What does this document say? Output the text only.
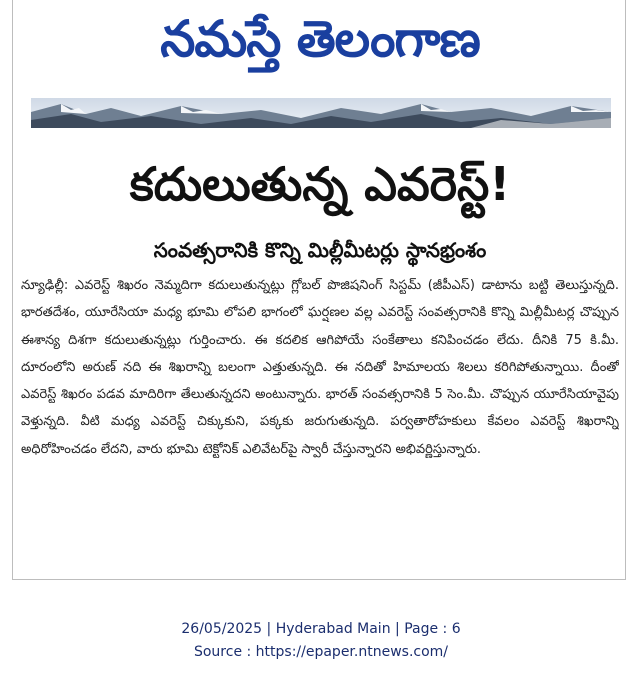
నమస్తే తెలంగాణ
కదులుతున్న ఎవరెస్ట్!
సంవత్సరానికి కొన్ని మిల్లీమీటర్లు స్థానభ్రంశం

న్యూఢిల్లీ: ఎవరెస్ట్ శిఖరం నెమ్మదిగా కదులుతున్నట్లు గ్లోబల్ పొజిషనింగ్ సిస్టమ్ (జీపీఎస్) డాటాను బట్టి తెలుస్తున్నది. భారతదేశం, యూరేసియా మధ్య భూమి లోపలి భాగంలో ఘర్షణల వల్ల ఎవరెస్ట్ సంవత్సరానికి కొన్ని మిల్లీమీటర్ల చొప్పున ఈశాన్య దిశగా కదులుతున్నట్లు గుర్తించారు. ఈ కదలిక ఆగిపోయే సంకేతాలు కనిపించడం లేదు. దీనికి 75 కి.మీ. దూరంలోని అరుణ్ నది ఈ శిఖరాన్ని బలంగా ఎత్తుతున్నది. ఈ నదితో హిమాలయ శిలలు కరిగిపోతున్నాయి. దీంతో ఎవరెస్ట్ శిఖరం పడవ మాదిరిగా తేలుతున్నదని అంటున్నారు. భారత్ సంవత్సరానికి 5 సెం.మీ. చొప్పున యూరేసియావైపు వెళ్తున్నది. వీటి మధ్య ఎవరెస్ట్ చిక్కుకుని, పక్కకు జరుగుతున్నది. పర్వతారోహకులు కేవలం ఎవరెస్ట్ శిఖరాన్ని అధిరోహించడం లేదని, వారు భూమి టెక్టోనిక్ ఎలివేటర్‌పై స్వారీ చేస్తున్నారని అభివర్ణిస్తున్నారు.

26/05/2025 | Hyderabad Main | Page : 6
Source : https://epaper.ntnews.com/
